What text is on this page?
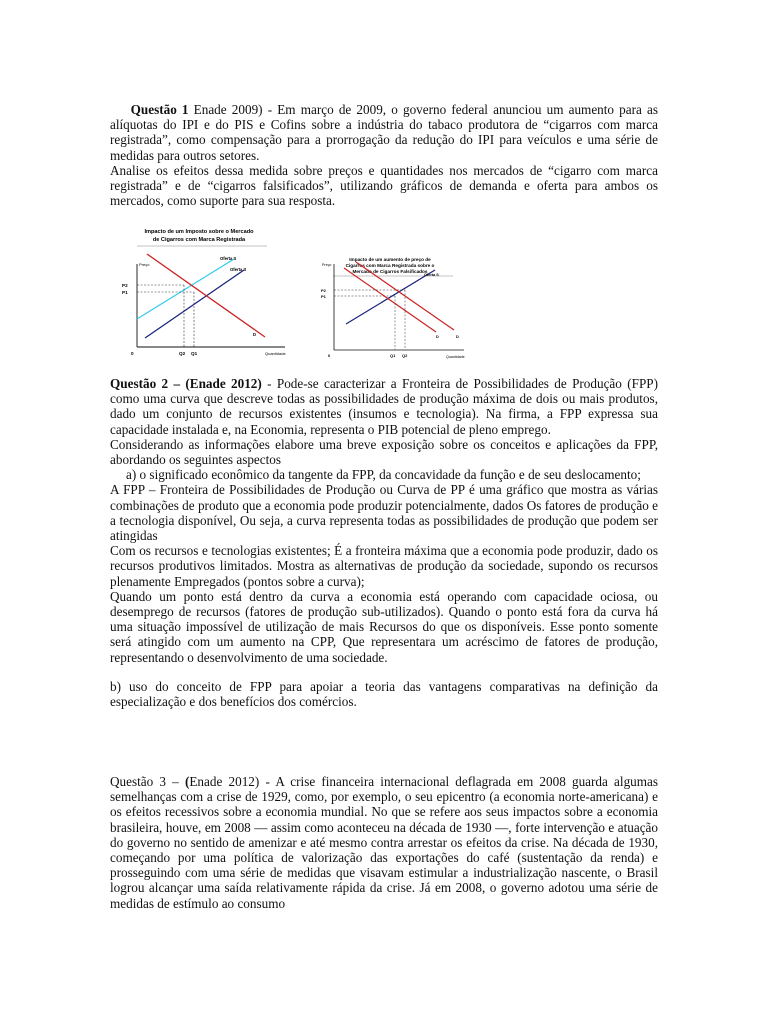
Questão 1 Enade 2009) - Em março de 2009, o governo federal anunciou um aumento para as alíquotas do IPI e do PIS e Cofins sobre a indústria do tabaco produtora de “cigarros com marca registrada”, como compensação para a prorrogação da redução do IPI para veículos e uma série de medidas para outros setores.

Analise os efeitos dessa medida sobre preços e quantidades nos mercados de “cigarro com marca registrada” e de “cigarros falsificados”, utilizando gráficos de demanda e oferta para ambos os mercados, como suporte para sua resposta.

Impacto de um Imposto sobre o Mercado
de Cigarros com Marca Registrada
Preço
Quantidade
Oferta S
Oferta S
D
P2
P1
0	Q2 Q1
Impacto de um aumento de preço de
Cigarros com Marca Registrada sobre o
Mercado de Cigarros Falsificados
Preço
Quantidade
Oferta S
D	D
P2
P1
0	Q1 Q2

Questão 2 – (Enade 2012) - Pode-se caracterizar a Fronteira de Possibilidades de Produção (FPP) como uma curva que descreve todas as possibilidades de produção máxima de dois ou mais produtos, dado um conjunto de recursos existentes (insumos e tecnologia). Na firma, a FPP expressa sua capacidade instalada e, na Economia, representa o PIB potencial de pleno emprego.

Considerando as informações elabore uma breve exposição sobre os conceitos e aplicações da FPP, abordando os seguintes aspectos

a) o significado econômico da tangente da FPP, da concavidade da função e de seu deslocamento;

A FPP – Fronteira de Possibilidades de Produção ou Curva de PP é uma gráfico que mostra as várias combinações de produto que a economia pode produzir potencialmente, dados Os fatores de produção e a tecnologia disponível, Ou seja, a curva representa todas as possibilidades de produção que podem ser atingidas

Com os recursos e tecnologias existentes; É a fronteira máxima que a economia pode produzir, dado os recursos produtivos limitados. Mostra as alternativas de produção da sociedade, supondo os recursos plenamente Empregados (pontos sobre a curva);

Quando um ponto está dentro da curva a economia está operando com capacidade ociosa, ou desemprego de recursos (fatores de produção sub-utilizados). Quando o ponto está fora da curva há uma situação impossível de utilização de mais Recursos do que os disponíveis. Esse ponto somente será atingido com um aumento na CPP, Que representara um acréscimo de fatores de produção, representando o desenvolvimento de uma sociedade.

b) uso do conceito de FPP para apoiar a teoria das vantagens comparativas na definição da especialização e dos benefícios dos comércios.

Questão 3 – (Enade 2012) - A crise financeira internacional deflagrada em 2008 guarda algumas semelhanças com a crise de 1929, como, por exemplo, o seu epicentro (a economia norte-americana) e os efeitos recessivos sobre a economia mundial. No que se refere aos seus impactos sobre a economia brasileira, houve, em 2008 — assim como aconteceu na década de 1930 —, forte intervenção e atuação do governo no sentido de amenizar e até mesmo contra arrestar os efeitos da crise. Na década de 1930, começando por uma política de valorização das exportações do café (sustentação da renda) e prosseguindo com uma série de medidas que visavam estimular a industrialização nascente, o Brasil logrou alcançar uma saída relativamente rápida da crise. Já em 2008, o governo adotou uma série de medidas de estímulo ao consumo
